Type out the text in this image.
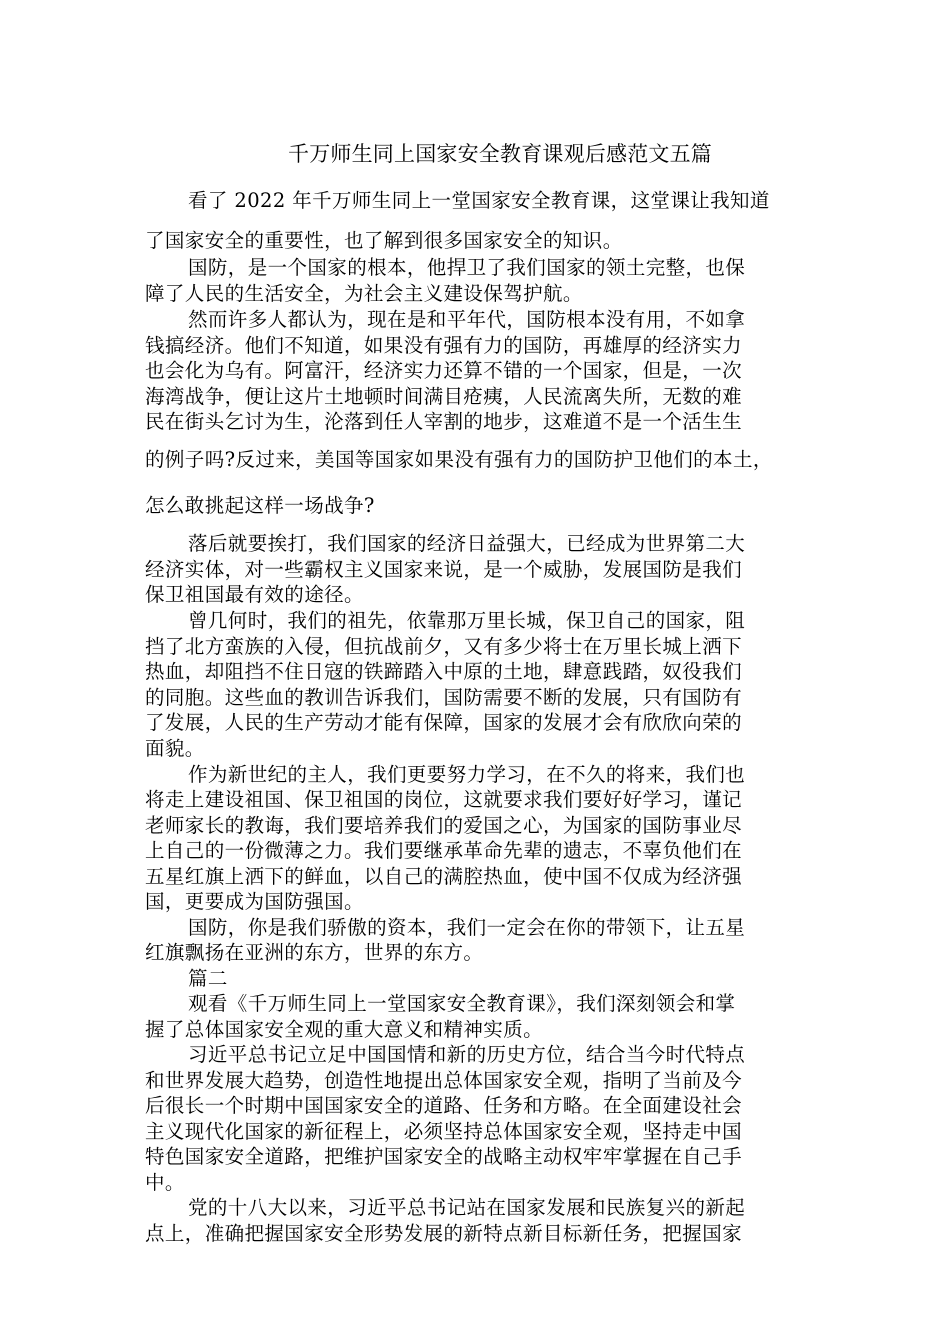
千万师生同上国家安全教育课观后感范文五篇
看了 2022 年千万师生同上一堂国家安全教育课，这堂课让我知道
了国家安全的重要性，也了解到很多国家安全的知识。
国防，是一个国家的根本，他捍卫了我们国家的领土完整，也保
障了人民的生活安全，为社会主义建设保驾护航。
然而许多人都认为，现在是和平年代，国防根本没有用，不如拿
钱搞经济。他们不知道，如果没有强有力的国防，再雄厚的经济实力
也会化为乌有。阿富汗，经济实力还算不错的一个国家，但是，一次
海湾战争，便让这片土地顿时间满目疮痍，人民流离失所，无数的难
民在街头乞讨为生，沦落到任人宰割的地步，这难道不是一个活生生
的例子吗?反过来，美国等国家如果没有强有力的国防护卫他们的本土，
怎么敢挑起这样一场战争?
落后就要挨打，我们国家的经济日益强大，已经成为世界第二大
经济实体，对一些霸权主义国家来说，是一个威胁，发展国防是我们
保卫祖国最有效的途径。
曾几何时，我们的祖先，依靠那万里长城，保卫自己的国家，阻
挡了北方蛮族的入侵，但抗战前夕，又有多少将士在万里长城上洒下
热血，却阻挡不住日寇的铁蹄踏入中原的土地，肆意践踏，奴役我们
的同胞。这些血的教训告诉我们，国防需要不断的发展，只有国防有
了发展，人民的生产劳动才能有保障，国家的发展才会有欣欣向荣的
面貌。
作为新世纪的主人，我们更要努力学习，在不久的将来，我们也
将走上建设祖国、保卫祖国的岗位，这就要求我们要好好学习，谨记
老师家长的教诲，我们要培养我们的爱国之心，为国家的国防事业尽
上自己的一份微薄之力。我们要继承革命先辈的遗志，不辜负他们在
五星红旗上洒下的鲜血，以自己的满腔热血，使中国不仅成为经济强
国，更要成为国防强国。
国防，你是我们骄傲的资本，我们一定会在你的带领下，让五星
红旗飘扬在亚洲的东方，世界的东方。
篇二
观看《千万师生同上一堂国家安全教育课》，我们深刻领会和掌
握了总体国家安全观的重大意义和精神实质。
习近平总书记立足中国国情和新的历史方位，结合当今时代特点
和世界发展大趋势，创造性地提出总体国家安全观，指明了当前及今
后很长一个时期中国国家安全的道路、任务和方略。在全面建设社会
主义现代化国家的新征程上，必须坚持总体国家安全观，坚持走中国
特色国家安全道路，把维护国家安全的战略主动权牢牢掌握在自己手
中。
党的十八大以来，习近平总书记站在国家发展和民族复兴的新起
点上，准确把握国家安全形势发展的新特点新目标新任务，把握国家
